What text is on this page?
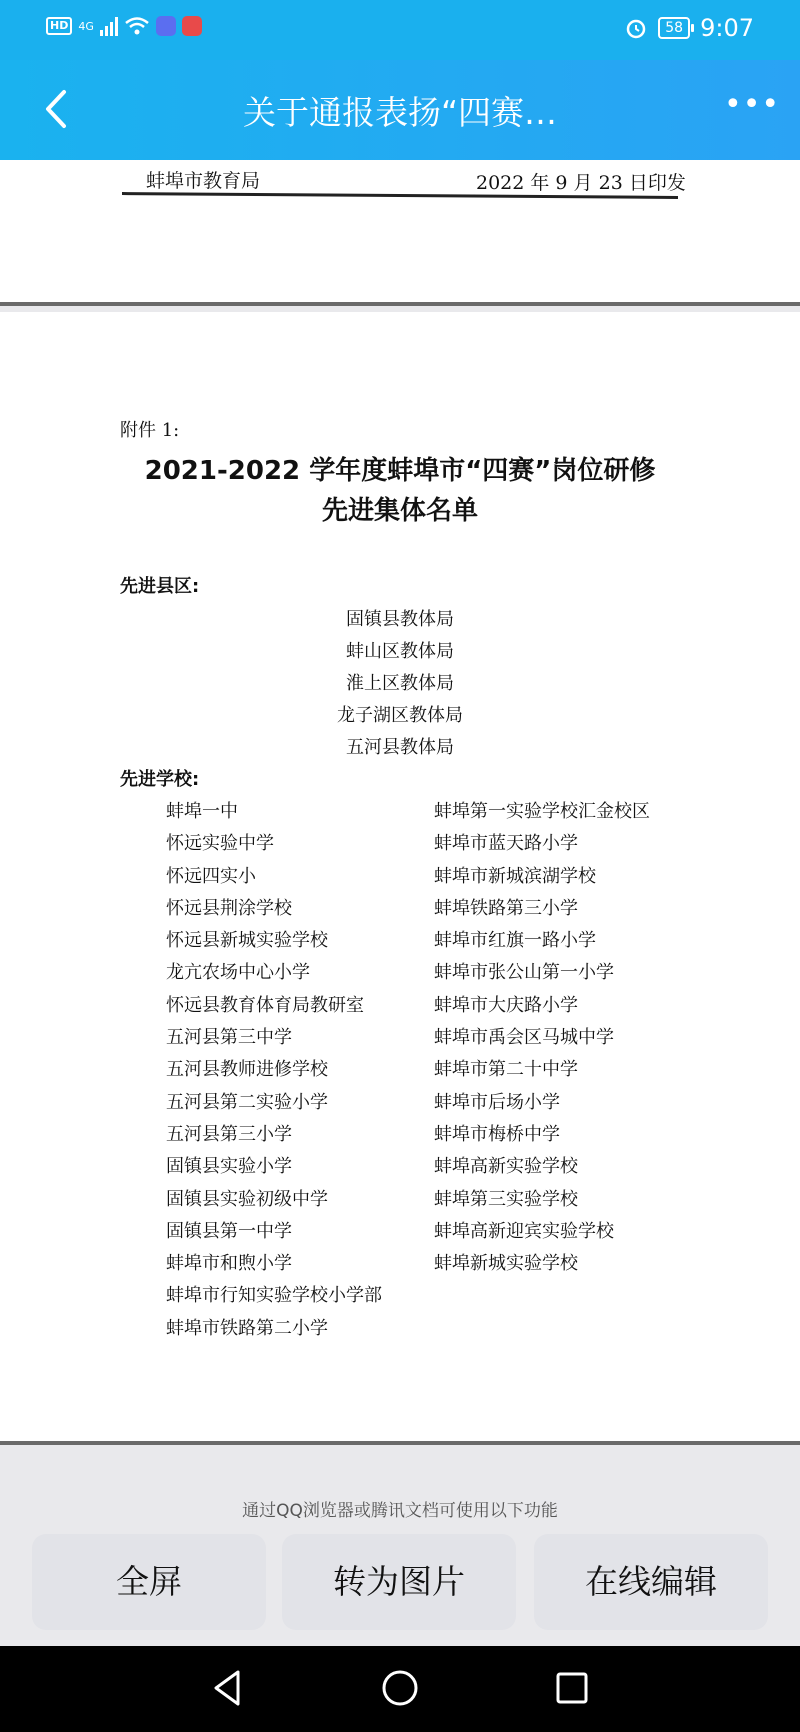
HD 4G	58 9:07
关于通报表扬“四赛…	•••
蚌埠市教育局	2022 年 9 月 23 日印发
附件 1:
2021-2022 学年度蚌埠市“四赛”岗位研修
先进集体名单
先进县区:
固镇县教体局
蚌山区教体局
淮上区教体局
龙子湖区教体局
五河县教体局
先进学校:
蚌埠一中
怀远实验中学
怀远四实小
怀远县荆涂学校
怀远县新城实验学校
龙亢农场中心小学
怀远县教育体育局教研室
五河县第三中学
五河县教师进修学校
五河县第二实验小学
五河县第三小学
固镇县实验小学
固镇县实验初级中学
固镇县第一中学
蚌埠市和煦小学
蚌埠市行知实验学校小学部
蚌埠市铁路第二小学
蚌埠第一实验学校汇金校区
蚌埠市蓝天路小学
蚌埠市新城滨湖学校
蚌埠铁路第三小学
蚌埠市红旗一路小学
蚌埠市张公山第一小学
蚌埠市大庆路小学
蚌埠市禹会区马城中学
蚌埠市第二十中学
蚌埠市后场小学
蚌埠市梅桥中学
蚌埠高新实验学校
蚌埠第三实验学校
蚌埠高新迎宾实验学校
蚌埠新城实验学校
通过QQ浏览器或腾讯文档可使用以下功能
全屏	转为图片	在线编辑
